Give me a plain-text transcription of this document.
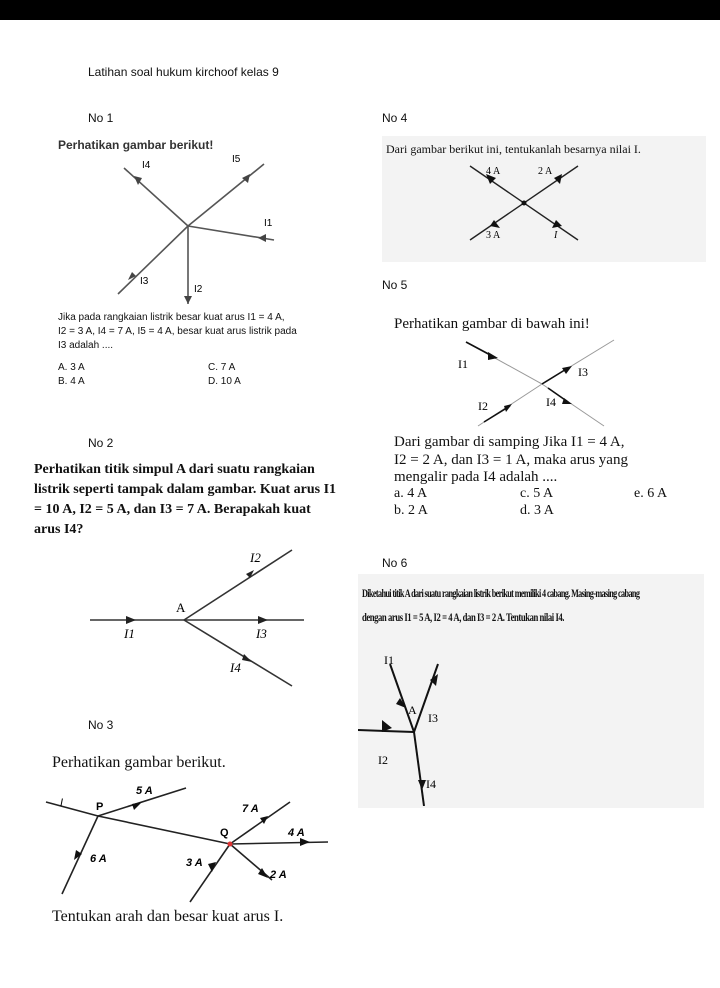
Latihan soal hukum kirchoof kelas 9
No 1
No 2
No 3
No 4
No 5
No 6
Perhatikan gambar berikut!
I4
I5
I1
I2
I3
Jika pada rangkaian listrik besar kuat arus I1 = 4 A,
I2 = 3 A, I4 = 7 A, I5 = 4 A, besar kuat arus listrik pada
I3 adalah ....
A. 3 A	C. 7 A
B. 4 A	D. 10 A
Perhatikan titik simpul A dari suatu rangkaian
listrik seperti tampak dalam gambar. Kuat arus I1
= 10 A, I2 = 5 A, dan I3 = 7 A. Berapakah kuat
arus I4?
A
I1
I2
I3
I4
Perhatikan gambar berikut.
P
Q
I
5 A
6 A
7 A
4 A
3 A
2 A
Tentukan arah dan besar kuat arus I.
Dari gambar berikut ini, tentukanlah besarnya nilai I.
4 A	2 A
3 A	I
Perhatikan gambar di bawah ini!
I1
I3
I2	I4
Dari gambar di samping Jika I1 = 4 A,
I2 = 2 A, dan I3 = 1 A, maka arus yang
mengalir pada I4 adalah ....
a. 4 A	c. 5 A	e. 6 A
b. 2 A	d. 3 A
Diketahui titik A dari suatu rangkaian listrik berikut memiliki 4 cabang. Masing-masing cabang
dengan arus I1 = 5 A, I2 = 4 A, dan I3 = 2 A. Tentukan nilai I4.
I1
A
I3
I2
I4
